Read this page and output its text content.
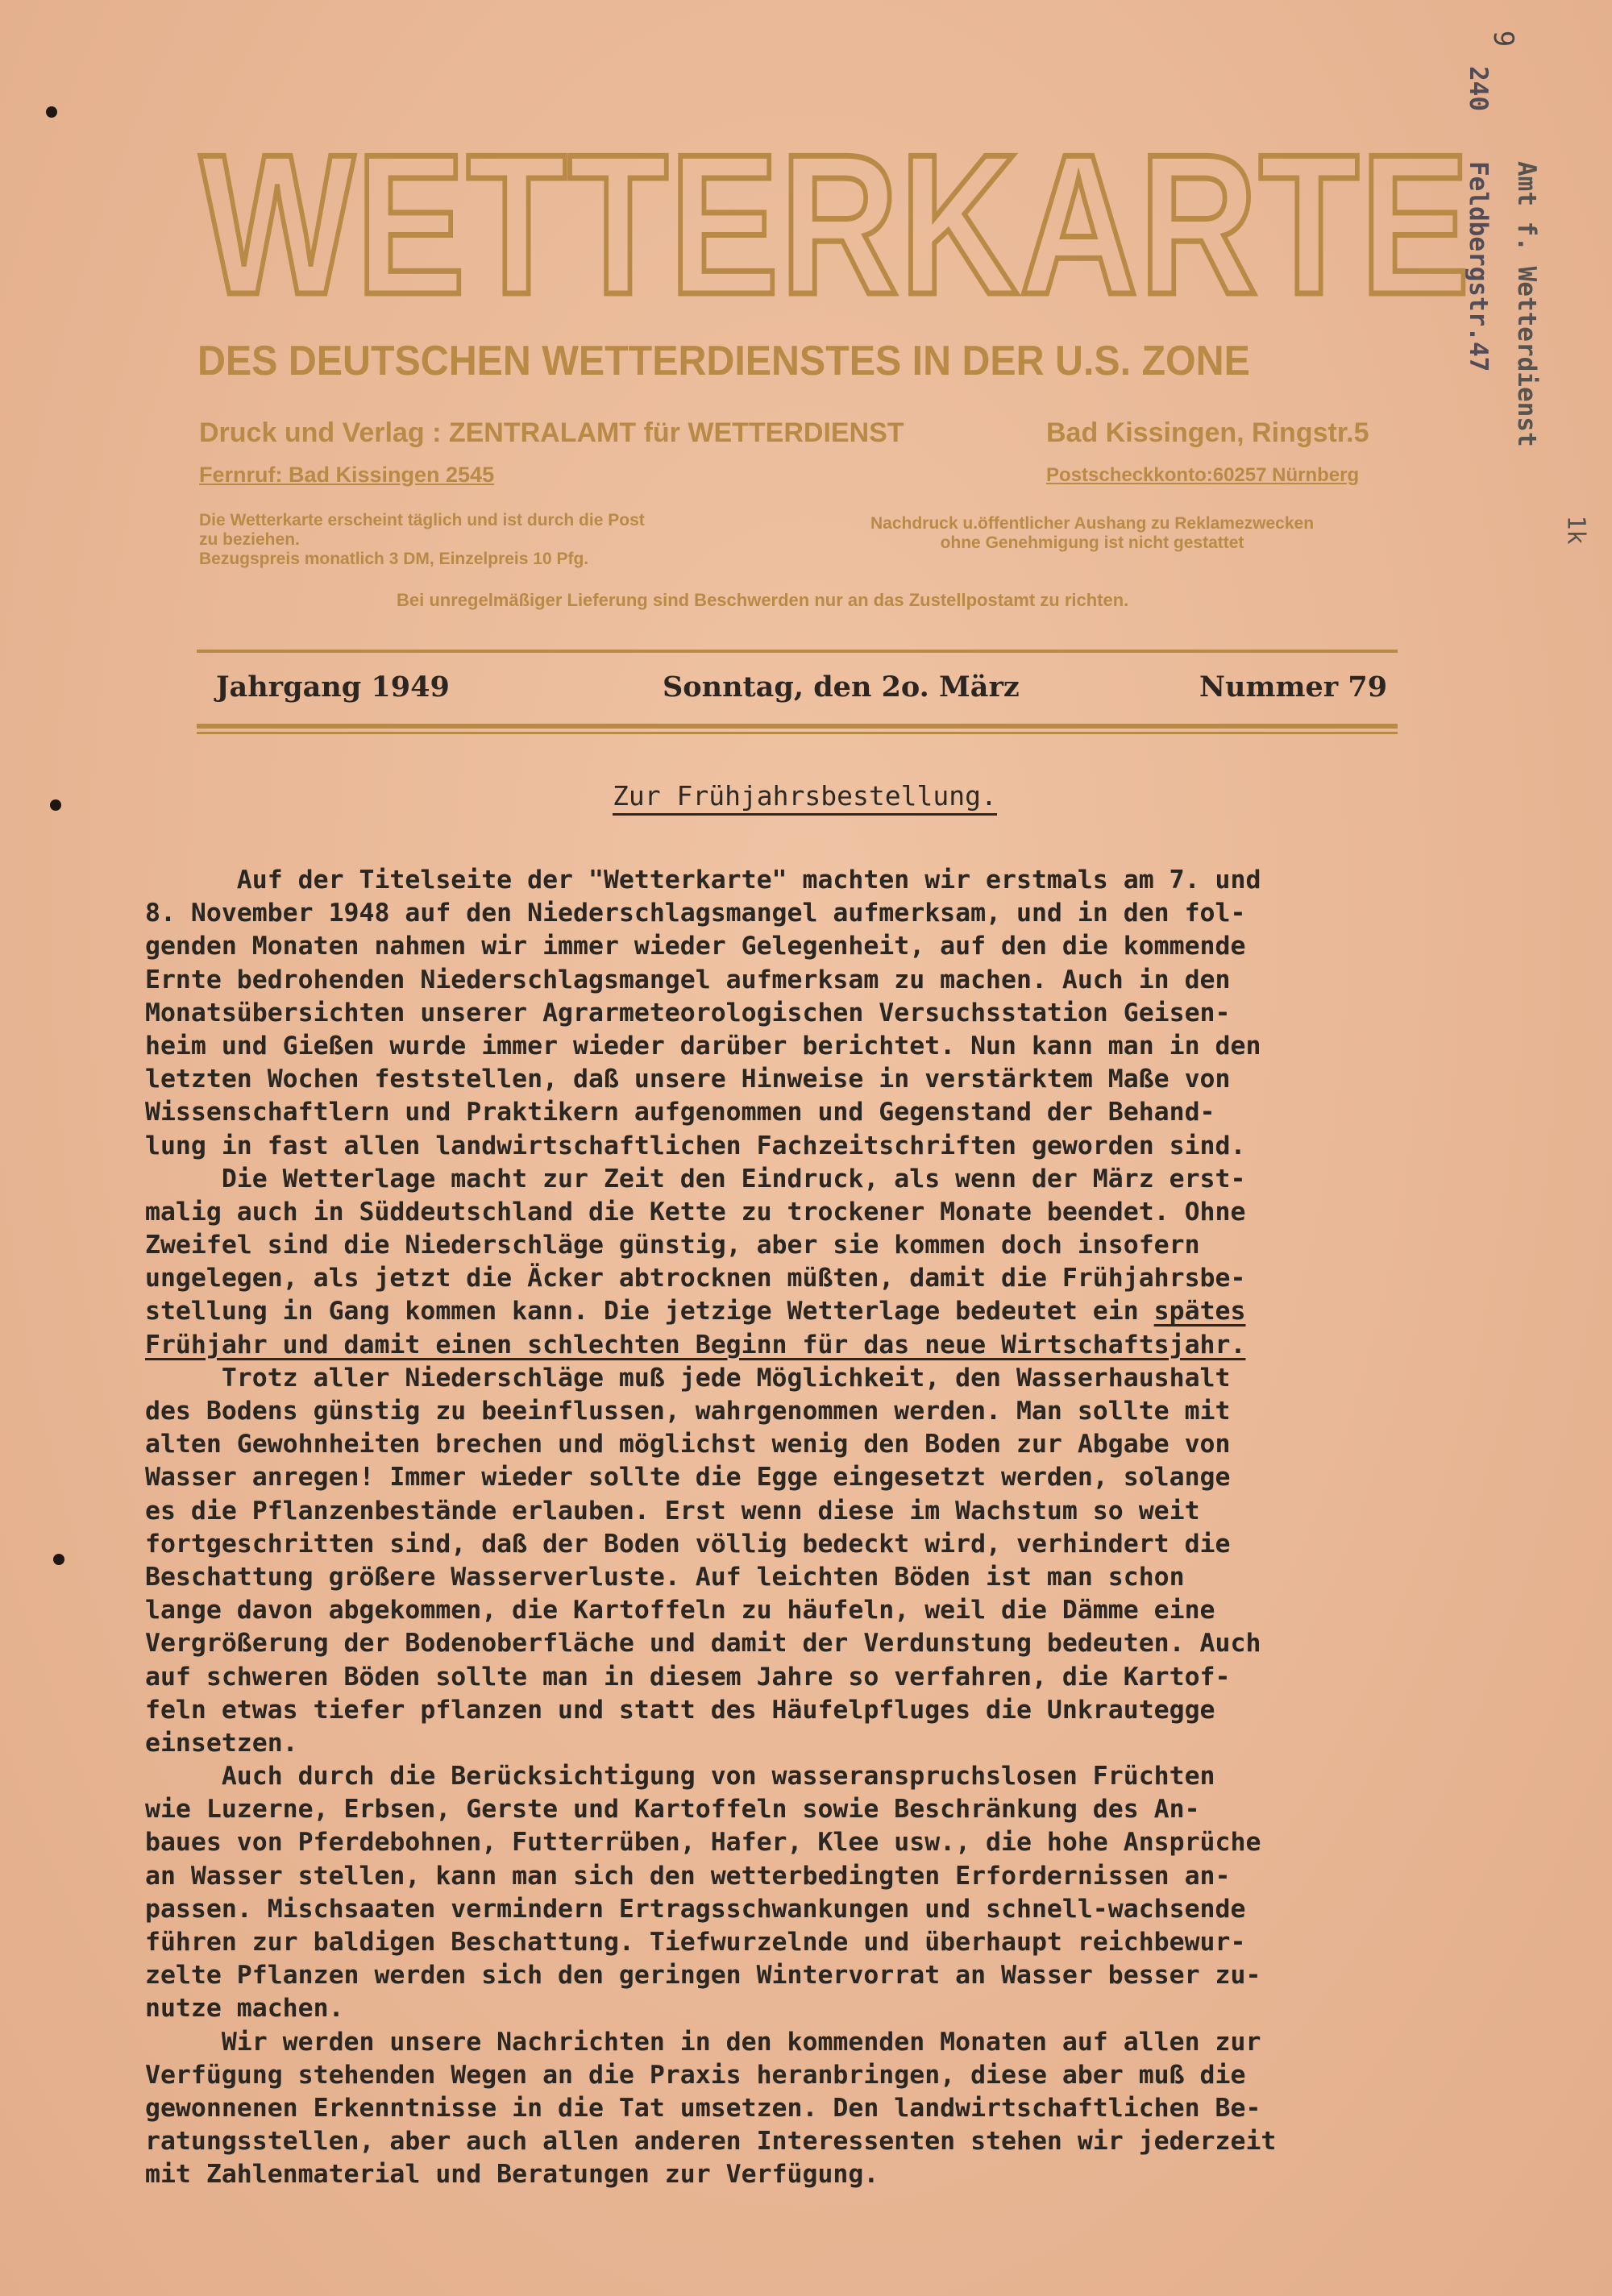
9
240
Feldbergstr.47 Amt f. Wetterdienst
1k
WETTERKARTE
DES DEUTSCHEN WETTERDIENSTES IN DER U.S. ZONE
Druck und Verlag : ZENTRALAMT für WETTERDIENST	Bad Kissingen, Ringstr.5
Fernruf: Bad Kissingen 2545	Postscheckkonto:60257 Nürnberg
Die Wetterkarte erscheint täglich und ist durch die Post
zu beziehen.
Bezugspreis monatlich 3 DM, Einzelpreis 10 Pfg.
Nachdruck u.öffentlicher Aushang zu Reklamezwecken
ohne Genehmigung ist nicht gestattet
Bei unregelmäßiger Lieferung sind Beschwerden nur an das Zustellpostamt zu richten.
Jahrgang 1949	Sonntag, den 2o. März	Nummer 79
Zur Frühjahrsbestellung.
Auf der Titelseite der "Wetterkarte" machten wir erstmals am 7. und
8. November 1948 auf den Niederschlagsmangel aufmerksam, und in den fol-
genden Monaten nahmen wir immer wieder Gelegenheit, auf den die kommende
Ernte bedrohenden Niederschlagsmangel aufmerksam zu machen. Auch in den
Monatsübersichten unserer Agrarmeteorologischen Versuchsstation Geisen-
heim und Gießen wurde immer wieder darüber berichtet. Nun kann man in den
letzten Wochen feststellen, daß unsere Hinweise in verstärktem Maße von
Wissenschaftlern und Praktikern aufgenommen und Gegenstand der Behand-
lung in fast allen landwirtschaftlichen Fachzeitschriften geworden sind.
Die Wetterlage macht zur Zeit den Eindruck, als wenn der März erst-
malig auch in Süddeutschland die Kette zu trockener Monate beendet. Ohne
Zweifel sind die Niederschläge günstig, aber sie kommen doch insofern
ungelegen, als jetzt die Äcker abtrocknen müßten, damit die Frühjahrsbe-
stellung in Gang kommen kann. Die jetzige Wetterlage bedeutet ein spätes
Frühjahr und damit einen schlechten Beginn für das neue Wirtschaftsjahr.
Trotz aller Niederschläge muß jede Möglichkeit, den Wasserhaushalt
des Bodens günstig zu beeinflussen, wahrgenommen werden. Man sollte mit
alten Gewohnheiten brechen und möglichst wenig den Boden zur Abgabe von
Wasser anregen! Immer wieder sollte die Egge eingesetzt werden, solange
es die Pflanzenbestände erlauben. Erst wenn diese im Wachstum so weit
fortgeschritten sind, daß der Boden völlig bedeckt wird, verhindert die
Beschattung größere Wasserverluste. Auf leichten Böden ist man schon
lange davon abgekommen, die Kartoffeln zu häufeln, weil die Dämme eine
Vergrößerung der Bodenoberfläche und damit der Verdunstung bedeuten. Auch
auf schweren Böden sollte man in diesem Jahre so verfahren, die Kartof-
feln etwas tiefer pflanzen und statt des Häufelpfluges die Unkrautegge
einsetzen.
Auch durch die Berücksichtigung von wasseranspruchslosen Früchten
wie Luzerne, Erbsen, Gerste und Kartoffeln sowie Beschränkung des An-
baues von Pferdebohnen, Futterrüben, Hafer, Klee usw., die hohe Ansprüche
an Wasser stellen, kann man sich den wetterbedingten Erfordernissen an-
passen. Mischsaaten vermindern Ertragsschwankungen und schnell-wachsende
führen zur baldigen Beschattung. Tiefwurzelnde und überhaupt reichbewur-
zelte Pflanzen werden sich den geringen Wintervorrat an Wasser besser zu-
nutze machen.
Wir werden unsere Nachrichten in den kommenden Monaten auf allen zur
Verfügung stehenden Wegen an die Praxis heranbringen, diese aber muß die
gewonnenen Erkenntnisse in die Tat umsetzen. Den landwirtschaftlichen Be-
ratungsstellen, aber auch allen anderen Interessenten stehen wir jederzeit
mit Zahlenmaterial und Beratungen zur Verfügung.
